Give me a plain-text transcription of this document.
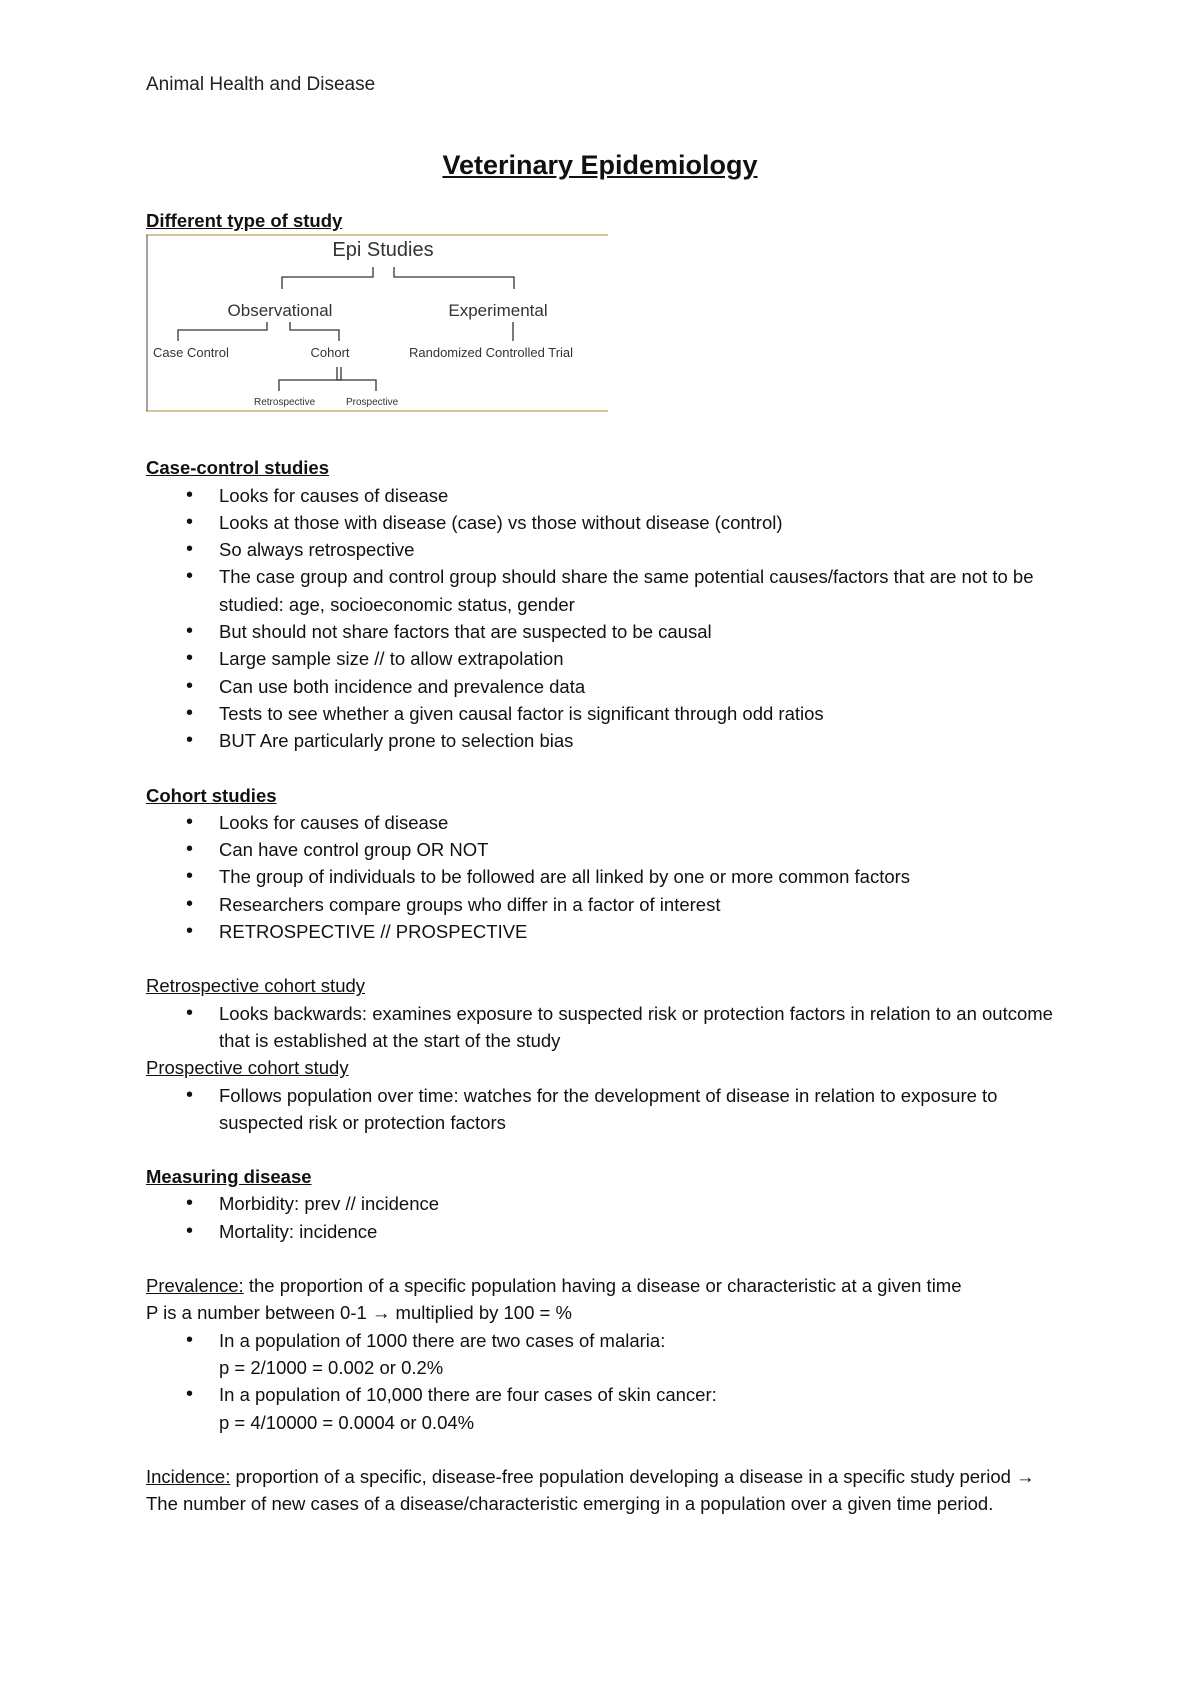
Animal Health and Disease
Veterinary Epidemiology
Different type of study
Epi Studies
Observational	Experimental
Case Control	Cohort	Randomized Controlled Trial
Retrospective	Prospective
Case-control studies
• Looks for causes of disease
• Looks at those with disease (case) vs those without disease (control)
• So always retrospective
• The case group and control group should share the same potential causes/factors that are not to be studied: age, socioeconomic status, gender
• But should not share factors that are suspected to be causal
• Large sample size // to allow extrapolation
• Can use both incidence and prevalence data
• Tests to see whether a given causal factor is significant through odd ratios
• BUT Are particularly prone to selection bias
Cohort studies
• Looks for causes of disease
• Can have control group OR NOT
• The group of individuals to be followed are all linked by one or more common factors
• Researchers compare groups who differ in a factor of interest
• RETROSPECTIVE // PROSPECTIVE
Retrospective cohort study
• Looks backwards: examines exposure to suspected risk or protection factors in relation to an outcome that is established at the start of the study
Prospective cohort study
• Follows population over time: watches for the development of disease in relation to exposure to suspected risk or protection factors
Measuring disease
• Morbidity: prev // incidence
• Mortality: incidence
Prevalence: the proportion of a specific population having a disease or characteristic at a given time
P is a number between 0-1 → multiplied by 100 = %
• In a population of 1000 there are two cases of malaria:
p = 2/1000 = 0.002 or 0.2%
• In a population of 10,000 there are four cases of skin cancer:
p = 4/10000 = 0.0004 or 0.04%
Incidence: proportion of a specific, disease-free population developing a disease in a specific study period → The number of new cases of a disease/characteristic emerging in a population over a given time period.
